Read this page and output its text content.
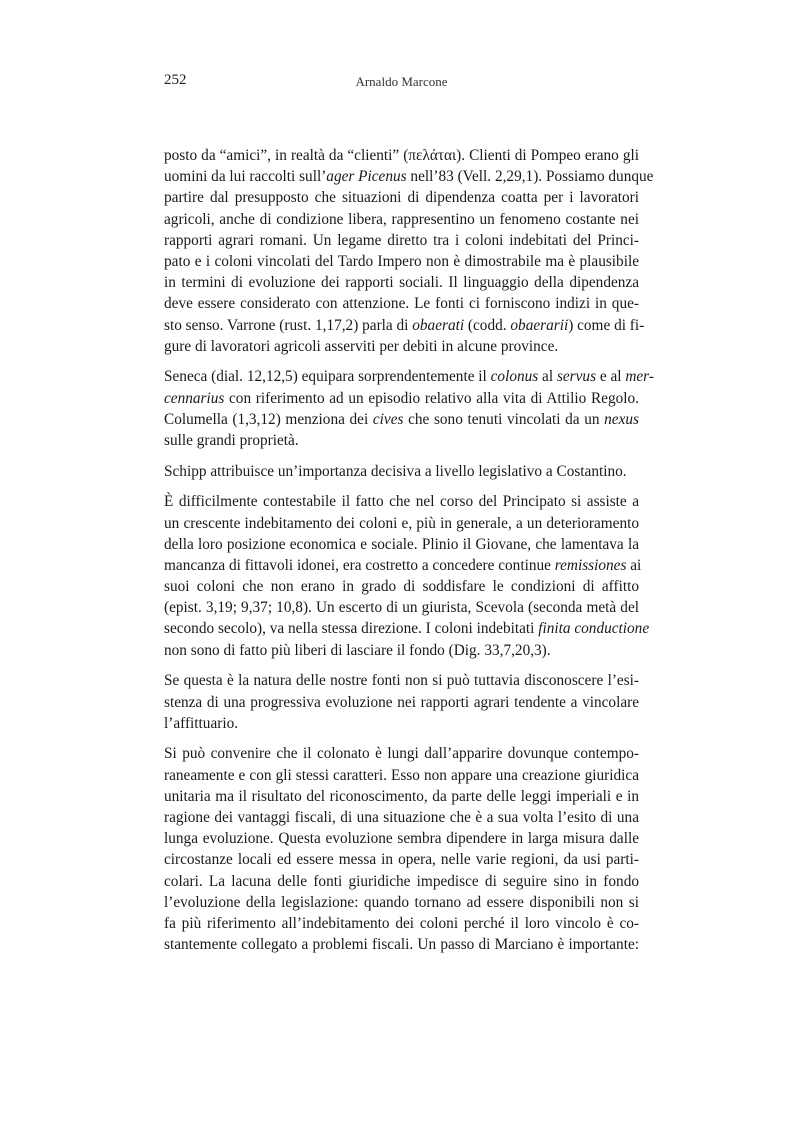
252	Arnaldo Marcone
posto da “amici”, in realtà da “clienti” (πελάται). Clienti di Pompeo erano gli
uomini da lui raccolti sull’ager Picenus nell’83 (Vell. 2,29,1). Possiamo dunque
partire dal presupposto che situazioni di dipendenza coatta per i lavoratori
agricoli, anche di condizione libera, rappresentino un fenomeno costante nei
rapporti agrari romani. Un legame diretto tra i coloni indebitati del Princi-
pato e i coloni vincolati del Tardo Impero non è dimostrabile ma è plausibile
in termini di evoluzione dei rapporti sociali. Il linguaggio della dipendenza
deve essere considerato con attenzione. Le fonti ci forniscono indizi in que-
sto senso. Varrone (rust. 1,17,2) parla di obaerati (codd. obaerarii) come di fi-
gure di lavoratori agricoli asserviti per debiti in alcune province.
Seneca (dial. 12,12,5) equipara sorprendentemente il colonus al servus e al mer-
cennarius con riferimento ad un episodio relativo alla vita di Attilio Regolo.
Columella (1,3,12) menziona dei cives che sono tenuti vincolati da un nexus
sulle grandi proprietà.
Schipp attribuisce un’importanza decisiva a livello legislativo a Costantino.
È difficilmente contestabile il fatto che nel corso del Principato si assiste a
un crescente indebitamento dei coloni e, più in generale, a un deterioramento
della loro posizione economica e sociale. Plinio il Giovane, che lamentava la
mancanza di fittavoli idonei, era costretto a concedere continue remissiones ai
suoi coloni che non erano in grado di soddisfare le condizioni di affitto
(epist. 3,19; 9,37; 10,8). Un escerto di un giurista, Scevola (seconda metà del
secondo secolo), va nella stessa direzione. I coloni indebitati finita conductione
non sono di fatto più liberi di lasciare il fondo (Dig. 33,7,20,3).
Se questa è la natura delle nostre fonti non si può tuttavia disconoscere l’esi-
stenza di una progressiva evoluzione nei rapporti agrari tendente a vincolare
l’affittuario.
Si può convenire che il colonato è lungi dall’apparire dovunque contempo-
raneamente e con gli stessi caratteri. Esso non appare una creazione giuridica
unitaria ma il risultato del riconoscimento, da parte delle leggi imperiali e in
ragione dei vantaggi fiscali, di una situazione che è a sua volta l’esito di una
lunga evoluzione. Questa evoluzione sembra dipendere in larga misura dalle
circostanze locali ed essere messa in opera, nelle varie regioni, da usi parti-
colari. La lacuna delle fonti giuridiche impedisce di seguire sino in fondo
l’evoluzione della legislazione: quando tornano ad essere disponibili non si
fa più riferimento all’indebitamento dei coloni perché il loro vincolo è co-
stantemente collegato a problemi fiscali. Un passo di Marciano è importante:
